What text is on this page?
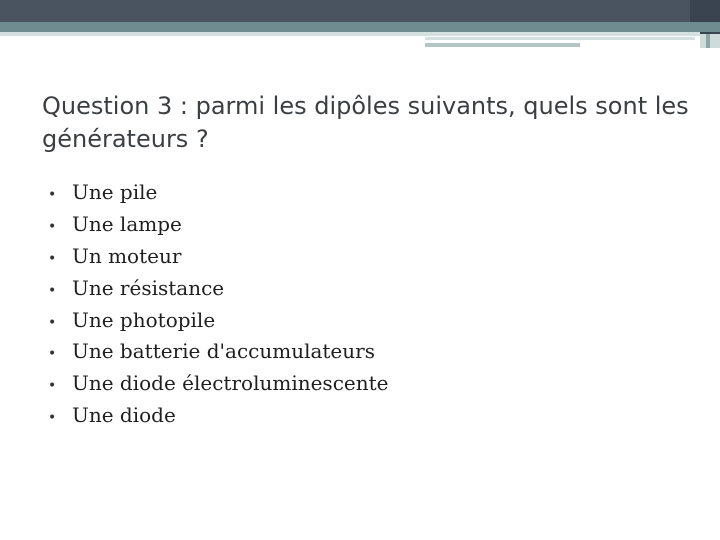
Question 3 : parmi les dipôles suivants, quels sont les générateurs ?
• Une pile
• Une lampe
• Un moteur
• Une résistance
• Une photopile
• Une batterie d'accumulateurs
• Une diode électroluminescente
• Une diode
